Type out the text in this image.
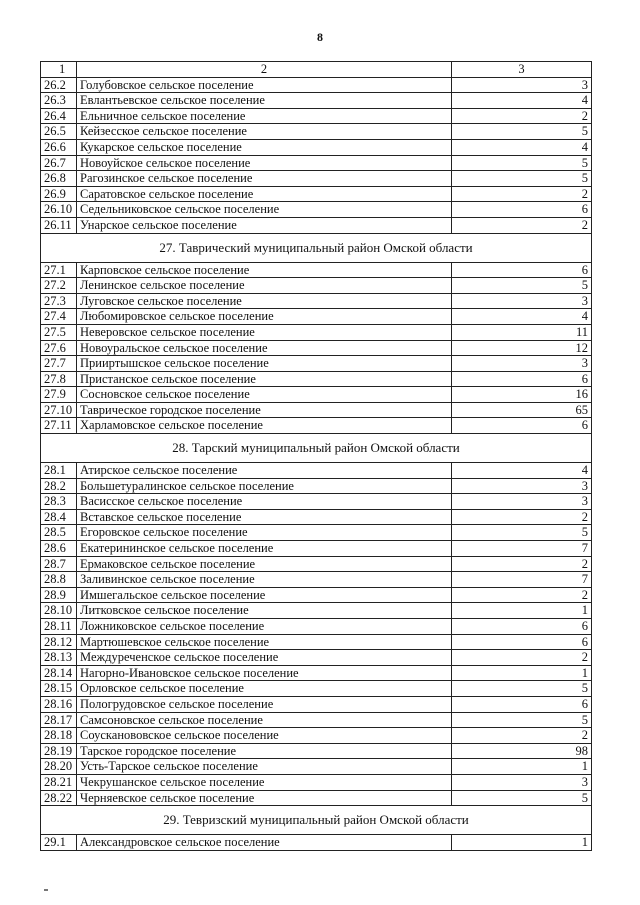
8
1	2	3
26.2	Голубовское сельское поселение	3
26.3	Евлантьевское сельское поселение	4
26.4	Ельничное сельское поселение	2
26.5	Кейзесское сельское поселение	5
26.6	Кукарское сельское поселение	4
26.7	Новоуйское сельское поселение	5
26.8	Рагозинское сельское поселение	5
26.9	Саратовское сельское поселение	2
26.10	Седельниковское сельское поселение	6
26.11	Унарское сельское поселение	2
27. Таврический муниципальный район Омской области		
27.1	Карповское сельское поселение	6
27.2	Ленинское сельское поселение	5
27.3	Луговское сельское поселение	3
27.4	Любомировское сельское поселение	4
27.5	Неверовское сельское поселение	11
27.6	Новоуральское сельское поселение	12
27.7	Прииртышское сельское поселение	3
27.8	Пристанское сельское поселение	6
27.9	Сосновское сельское поселение	16
27.10	Таврическое городское поселение	65
27.11	Харламовское сельское поселение	6
28. Тарский муниципальный район Омской области		
28.1	Атирское сельское поселение	4
28.2	Большетуралинское сельское поселение	3
28.3	Васисское сельское поселение	3
28.4	Вставское сельское поселение	2
28.5	Егоровское сельское поселение	5
28.6	Екатерининское сельское поселение	7
28.7	Ермаковское сельское поселение	2
28.8	Заливинское сельское поселение	7
28.9	Имшегальское сельское поселение	2
28.10	Литковское сельское поселение	1
28.11	Ложниковское сельское поселение	6
28.12	Мартюшевское сельское поселение	6
28.13	Междуреченское сельское поселение	2
28.14	Нагорно-Ивановское сельское поселение	1
28.15	Орловское сельское поселение	5
28.16	Пологрудовское сельское поселение	6
28.17	Самсоновское сельское поселение	5
28.18	Соусканово​вское сельское поселение	2
28.19	Тарское городское поселение	98
28.20	Усть-Тарское сельское поселение	1
28.21	Чекрушанское сельское поселение	3
28.22	Черняевское сельское поселение	5
29. Тевризский муниципальный район Омской области		
29.1	Александровское сельское поселение	1
